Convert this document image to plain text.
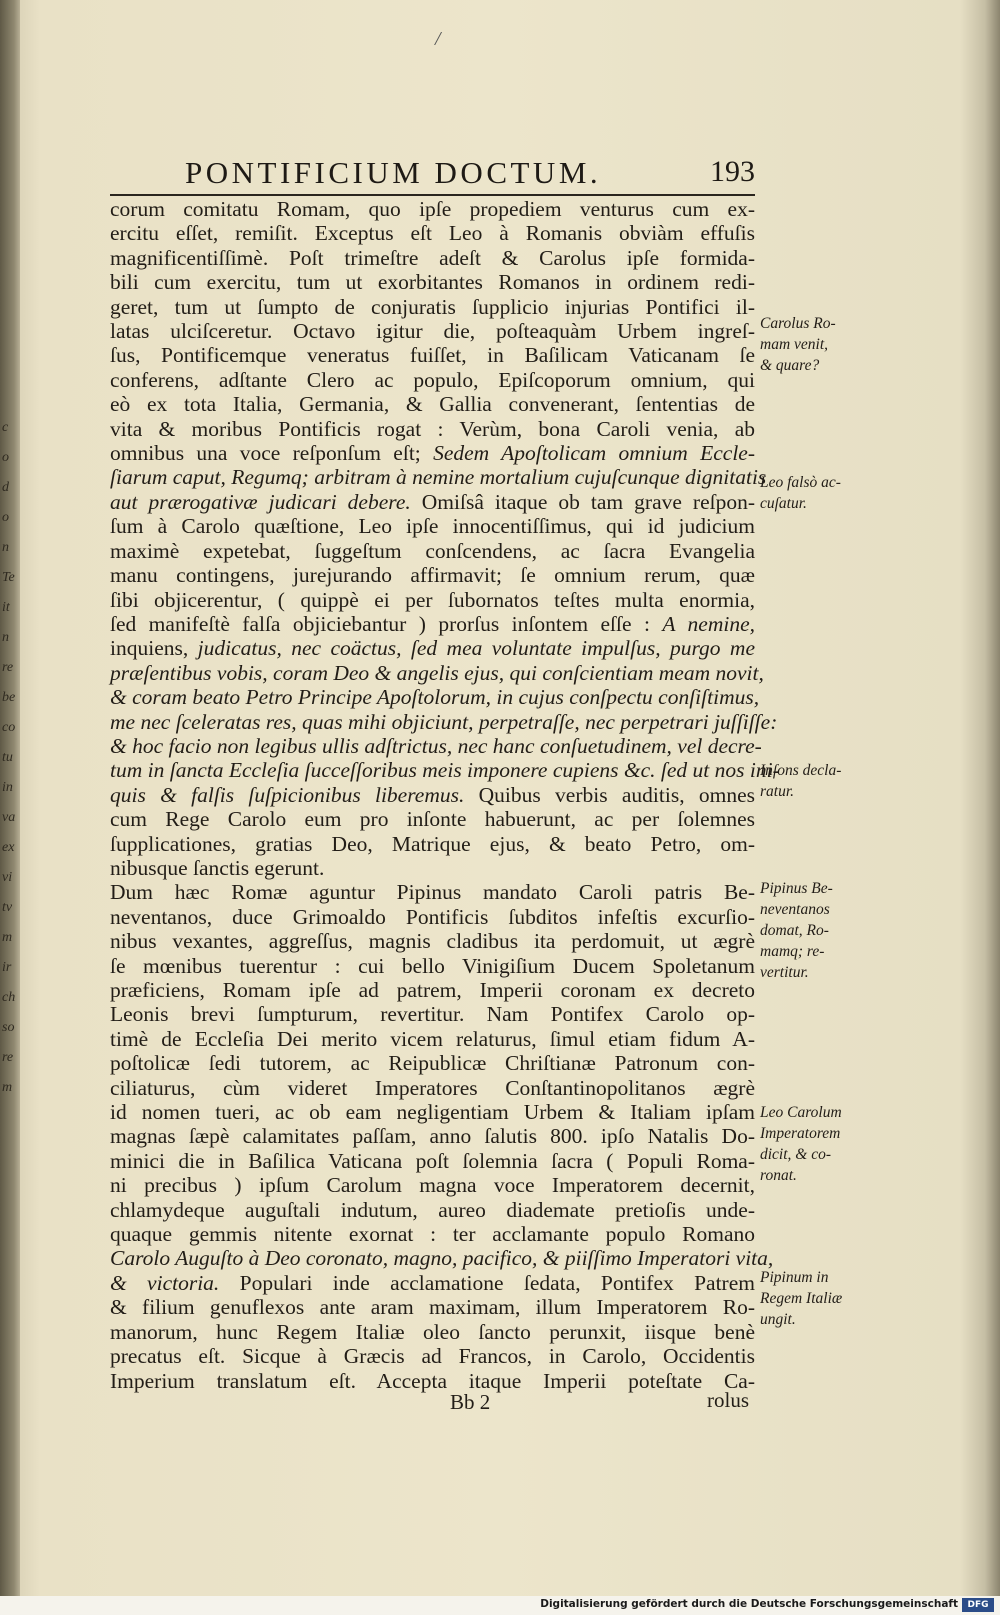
c
o
d
o
n
Te
it
n
re
be
co
tu
in
va
ex
vi
tv
m
ir
ch
so
re
m
/
PONTIFICIUM DOCTUM.	193
corum comitatu Romam, quo ipſe propediem venturus cum ex-
ercitu eſſet, remiſit. Exceptus eſt Leo à Romanis obviàm effuſis
magnificentiſſimè. Poſt trimeſtre adeſt & Carolus ipſe formida-
bili cum exercitu, tum ut exorbitantes Romanos in ordinem redi-
geret, tum ut ſumpto de conjuratis ſupplicio injurias Pontifici il-
latas ulciſceretur. Octavo igitur die, poſteaquàm Urbem ingreſ-
ſus, Pontificemque veneratus fuiſſet, in Baſilicam Vaticanam ſe
conferens, adſtante Clero ac populo, Epiſcoporum omnium, qui
eò ex tota Italia, Germania, & Gallia convenerant, ſententias de
vita & moribus Pontificis rogat : Verùm, bona Caroli venia, ab
omnibus una voce reſponſum eſt; Sedem Apoſtolicam omnium Eccle-
ſiarum caput, Regumq; arbitram à nemine mortalium cujuſcunque dignitatis
aut prærogativæ judicari debere. Omiſsâ itaque ob tam grave reſpon-
ſum à Carolo quæſtione, Leo ipſe innocentiſſimus, qui id judicium
maximè expetebat, ſuggeſtum conſcendens, ac ſacra Evangelia
manu contingens, jurejurando affirmavit; ſe omnium rerum, quæ
ſibi objicerentur, ( quippè ei per ſubornatos teſtes multa enormia,
ſed manifeſtè falſa objiciebantur ) prorſus inſontem eſſe : A nemine,
inquiens, judicatus, nec coäctus, ſed mea voluntate impulſus, purgo me
præſentibus vobis, coram Deo & angelis ejus, qui conſcientiam meam novit,
& coram beato Petro Principe Apoſtolorum, in cujus conſpectu conſiſtimus,
me nec ſceleratas res, quas mihi objiciunt, perpetraſſe, nec perpetrari juſſiſſe:
& hoc facio non legibus ullis adſtrictus, nec hanc conſuetudinem, vel decre-
tum in ſancta Eccleſia ſucceſſoribus meis imponere cupiens &c. ſed ut nos ini-
quis & falſis ſuſpicionibus liberemus. Quibus verbis auditis, omnes
cum Rege Carolo eum pro inſonte habuerunt, ac per ſolemnes
ſupplicationes, gratias Deo, Matrique ejus, & beato Petro, om-
nibusque ſanctis egerunt.
Dum hæc Romæ aguntur Pipinus mandato Caroli patris Be-
neventanos, duce Grimoaldo Pontificis ſubditos infeſtis excurſio-
nibus vexantes, aggreſſus, magnis cladibus ita perdomuit, ut ægrè
ſe mœnibus tuerentur : cui bello Vinigiſium Ducem Spoletanum
præficiens, Romam ipſe ad patrem, Imperii coronam ex decreto
Leonis brevi ſumpturum, revertitur. Nam Pontifex Carolo op-
timè de Eccleſia Dei merito vicem relaturus, ſimul etiam fidum A-
poſtolicæ ſedi tutorem, ac Reipublicæ Chriſtianæ Patronum con-
ciliaturus, cùm videret Imperatores Conſtantinopolitanos ægrè
id nomen tueri, ac ob eam negligentiam Urbem & Italiam ipſam
magnas ſæpè calamitates paſſam, anno ſalutis 800. ipſo Natalis Do-
minici die in Baſilica Vaticana poſt ſolemnia ſacra ( Populi Roma-
ni precibus ) ipſum Carolum magna voce Imperatorem decernit,
chlamydeque auguſtali indutum, aureo diademate pretioſis unde-
quaque gemmis nitente exornat : ter acclamante populo Romano
Carolo Auguſto à Deo coronato, magno, pacifico, & piiſſimo Imperatori vita,
& victoria. Populari inde acclamatione ſedata, Pontifex Patrem
& filium genuflexos ante aram maximam, illum Imperatorem Ro-
manorum, hunc Regem Italiæ oleo ſancto perunxit, iisque benè
precatus eſt. Sicque à Græcis ad Francos, in Carolo, Occidentis
Imperium translatum eſt. Accepta itaque Imperii poteſtate Ca-
Carolus Ro-
mam venit,
& quare?
Leo falsò ac-
cuſatur.
Inſons decla-
ratur.
Pipinus Be-
neventanos
domat, Ro-
mamq; re-
vertitur.
Leo Carolum
Imperatorem
dicit, & co-
ronat.
Pipinum in
Regem Italiæ
ungit.
Bb 2	rolus
Digitalisierung gefördert durch die Deutsche Forschungsgemeinschaft	DFG
